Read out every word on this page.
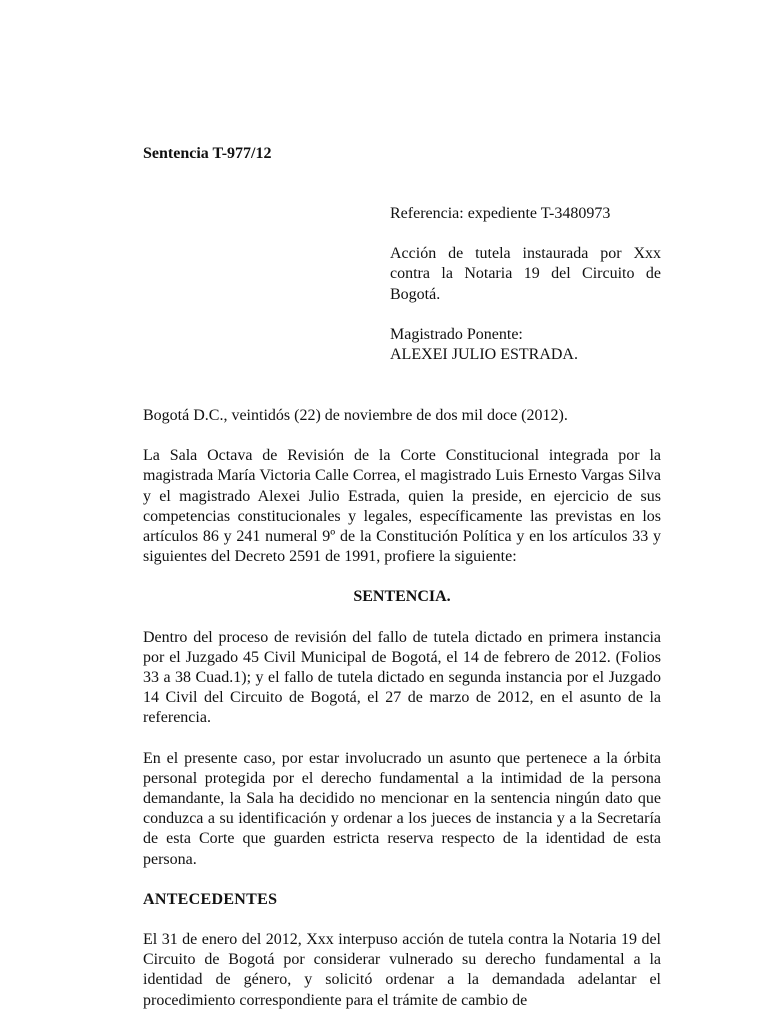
Sentencia T-977/12

Referencia: expediente T-3480973

Acción de tutela instaurada por Xxx contra la Notaria 19 del Circuito de Bogotá.

Magistrado Ponente:
ALEXEI JULIO ESTRADA.

Bogotá D.C., veintidós (22) de noviembre de dos mil doce (2012).

La Sala Octava de Revisión de la Corte Constitucional integrada por la magistrada María Victoria Calle Correa, el magistrado Luis Ernesto Vargas Silva y el magistrado Alexei Julio Estrada, quien la preside, en ejercicio de sus competencias constitucionales y legales, específicamente las previstas en los artículos 86 y 241 numeral 9º de la Constitución Política y en los artículos 33 y siguientes del Decreto 2591 de 1991, profiere la siguiente:

SENTENCIA.

Dentro del proceso de revisión del fallo de tutela dictado en primera instancia por el Juzgado 45 Civil Municipal de Bogotá, el 14 de febrero de 2012. (Folios 33 a 38 Cuad.1); y el fallo de tutela dictado en segunda instancia por el Juzgado 14 Civil del Circuito de Bogotá, el 27 de marzo de 2012, en el asunto de la referencia.

En el presente caso, por estar involucrado un asunto que pertenece a la órbita personal protegida por el derecho fundamental a la intimidad de la persona demandante, la Sala ha decidido no mencionar en la sentencia ningún dato que conduzca a su identificación y ordenar a los jueces de instancia y a la Secretaría de esta Corte que guarden estricta reserva respecto de la identidad de esta persona.

ANTECEDENTES

El 31 de enero del 2012, Xxx interpuso acción de tutela contra la Notaria 19 del Circuito de Bogotá por considerar vulnerado su derecho fundamental a la identidad de género, y solicitó ordenar a la demandada adelantar el procedimiento correspondiente para el trámite de cambio de
